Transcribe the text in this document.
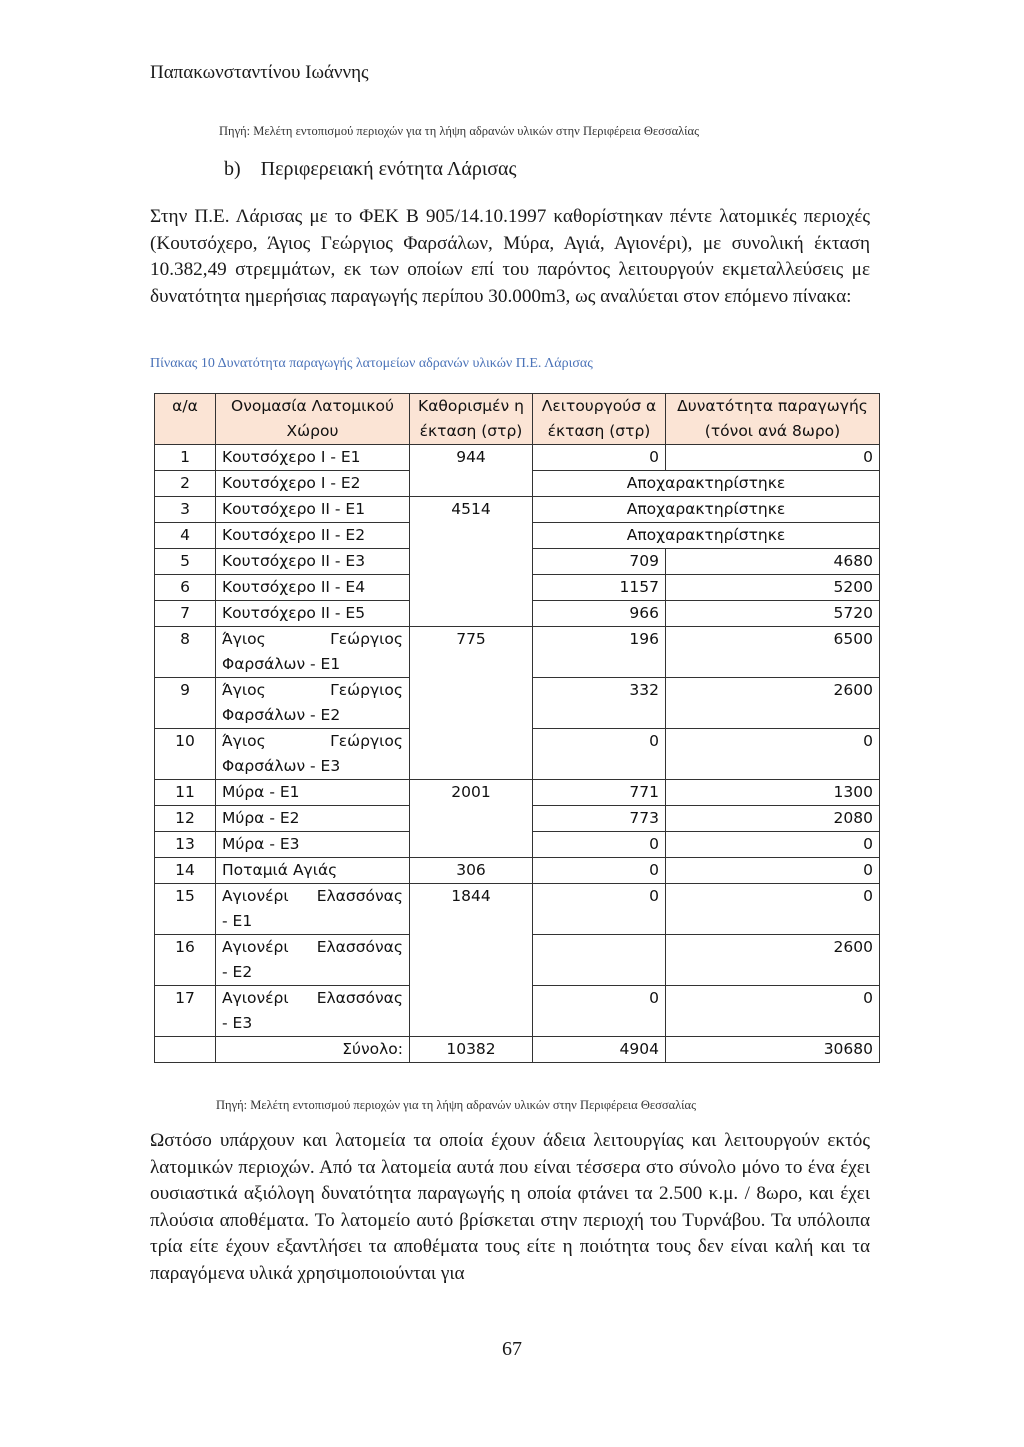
Παπακωνσταντίνου Ιωάννης
Πηγή: Μελέτη εντοπισμού περιοχών για τη λήψη αδρανών υλικών στην Περιφέρεια Θεσσαλίας
b) Περιφερειακή ενότητα Λάρισας
Στην Π.Ε. Λάρισας με το ΦΕΚ Β 905/14.10.1997 καθορίστηκαν πέντε λατομικές περιοχές (Κουτσόχερο, Άγιος Γεώργιος Φαρσάλων, Μύρα, Αγιά, Αγιονέρι), με συνολική έκταση 10.382,49 στρεμμάτων, εκ των οποίων επί του παρόντος λειτουργούν εκμεταλλεύσεις με δυνατότητα ημερήσιας παραγωγής περίπου 30.000m3, ως αναλύεται στον επόμενο πίνακα:
Πίνακας 10 Δυνατότητα παραγωγής λατομείων αδρανών υλικών Π.Ε. Λάρισας
α/α	Ονομασία Λατομικού Χώρου	Καθορισμέν η έκταση (στρ)	Λειτουργούσ α έκταση (στρ)	Δυνατότητα παραγωγής (τόνοι ανά 8ωρο)
1	Κουτσόχερο Ι - Ε1	944	0	0
2	Κουτσόχερο Ι - Ε2		Αποχαρακτηρίστηκε	
3	Κουτσόχερο ΙΙ - Ε1	4514	Αποχαρακτηρίστηκε	
4	Κουτσόχερο ΙΙ - Ε2		Αποχαρακτηρίστηκε	
5	Κουτσόχερο ΙΙ - Ε3		709	4680
6	Κουτσόχερο ΙΙ - Ε4		1157	5200
7	Κουτσόχερο ΙΙ - Ε5		966	5720
8	Άγιος Γεώργιος
Φαρσάλων - Ε1	775	196	6500
9	Άγιος Γεώργιος
Φαρσάλων - Ε2		332	2600
10	Άγιος Γεώργιος
Φαρσάλων - Ε3		0	0
11	Μύρα - Ε1	2001	771	1300
12	Μύρα - Ε2		773	2080
13	Μύρα - Ε3		0	0
14	Ποταμιά Αγιάς	306	0	0
15	Αγιονέρι Ελασσόνας
- Ε1	1844	0	0
16	Αγιονέρι Ελασσόνας
- Ε2			2600
17	Αγιονέρι Ελασσόνας
- Ε3		0	0
	Σύνολο:	10382	4904	30680
Πηγή: Μελέτη εντοπισμού περιοχών για τη λήψη αδρανών υλικών στην Περιφέρεια Θεσσαλίας
Ωστόσο υπάρχουν και λατομεία τα οποία έχουν άδεια λειτουργίας και λειτουργούν εκτός λατομικών περιοχών. Από τα λατομεία αυτά που είναι τέσσερα στο σύνολο μόνο το ένα έχει ουσιαστικά αξιόλογη δυνατότητα παραγωγής η οποία φτάνει τα 2.500 κ.μ. / 8ωρο, και έχει πλούσια αποθέματα. Το λατομείο αυτό βρίσκεται στην περιοχή του Τυρνάβου. Τα υπόλοιπα τρία είτε έχουν εξαντλήσει τα αποθέματα τους είτε η ποιότητα τους δεν είναι καλή και τα παραγόμενα υλικά χρησιμοποιούνται για
67
